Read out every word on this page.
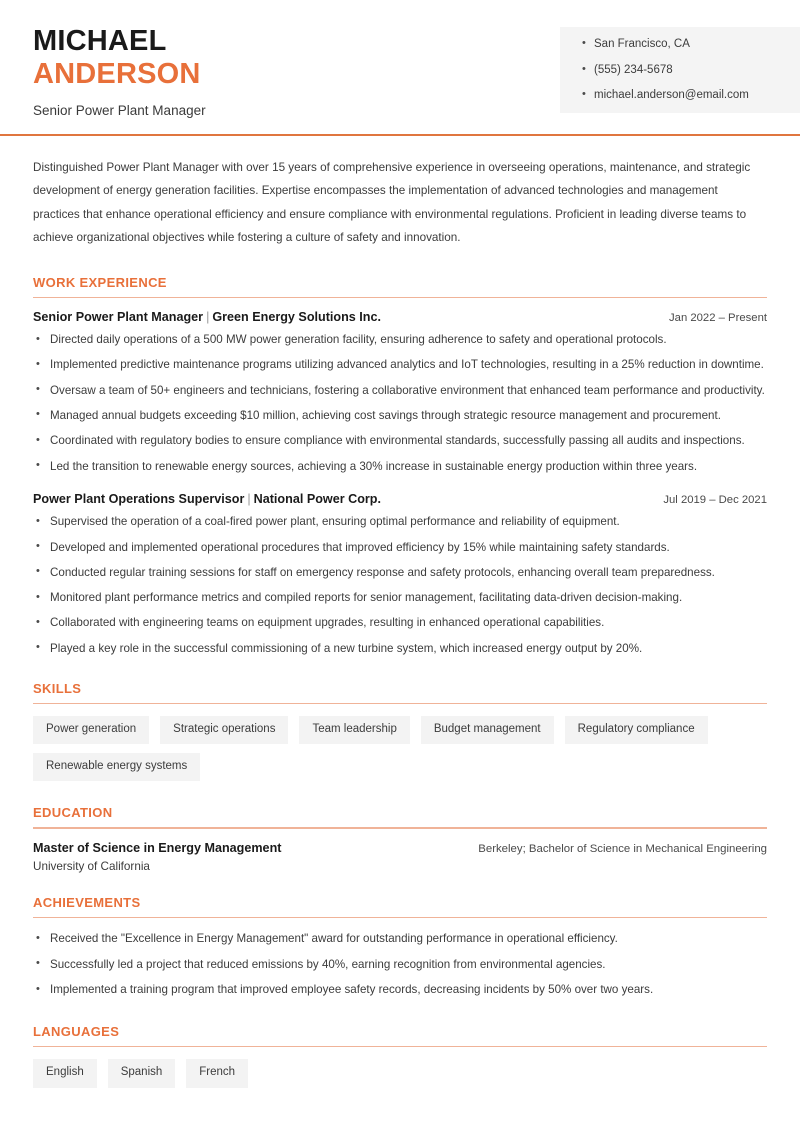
MICHAEL
ANDERSON
Senior Power Plant Manager
• San Francisco, CA
• (555) 234-5678
• michael.anderson@email.com

Distinguished Power Plant Manager with over 15 years of comprehensive experience in overseeing operations, maintenance, and strategic development of energy generation facilities. Expertise encompasses the implementation of advanced technologies and management practices that enhance operational efficiency and ensure compliance with environmental regulations. Proficient in leading diverse teams to achieve organizational objectives while fostering a culture of safety and innovation.

WORK EXPERIENCE
Senior Power Plant Manager | Green Energy Solutions Inc.	Jan 2022 – Present
• Directed daily operations of a 500 MW power generation facility, ensuring adherence to safety and operational protocols.
• Implemented predictive maintenance programs utilizing advanced analytics and IoT technologies, resulting in a 25% reduction in downtime.
• Oversaw a team of 50+ engineers and technicians, fostering a collaborative environment that enhanced team performance and productivity.
• Managed annual budgets exceeding $10 million, achieving cost savings through strategic resource management and procurement.
• Coordinated with regulatory bodies to ensure compliance with environmental standards, successfully passing all audits and inspections.
• Led the transition to renewable energy sources, achieving a 30% increase in sustainable energy production within three years.
Power Plant Operations Supervisor | National Power Corp.	Jul 2019 – Dec 2021
• Supervised the operation of a coal-fired power plant, ensuring optimal performance and reliability of equipment.
• Developed and implemented operational procedures that improved efficiency by 15% while maintaining safety standards.
• Conducted regular training sessions for staff on emergency response and safety protocols, enhancing overall team preparedness.
• Monitored plant performance metrics and compiled reports for senior management, facilitating data-driven decision-making.
• Collaborated with engineering teams on equipment upgrades, resulting in enhanced operational capabilities.
• Played a key role in the successful commissioning of a new turbine system, which increased energy output by 20%.
SKILLS
Power generation	Strategic operations	Team leadership	Budget management	Regulatory compliance
Renewable energy systems
EDUCATION
Master of Science in Energy Management	Berkeley; Bachelor of Science in Mechanical Engineering
University of California
ACHIEVEMENTS
• Received the "Excellence in Energy Management" award for outstanding performance in operational efficiency.
• Successfully led a project that reduced emissions by 40%, earning recognition from environmental agencies.
• Implemented a training program that improved employee safety records, decreasing incidents by 50% over two years.
LANGUAGES
English	Spanish	French
